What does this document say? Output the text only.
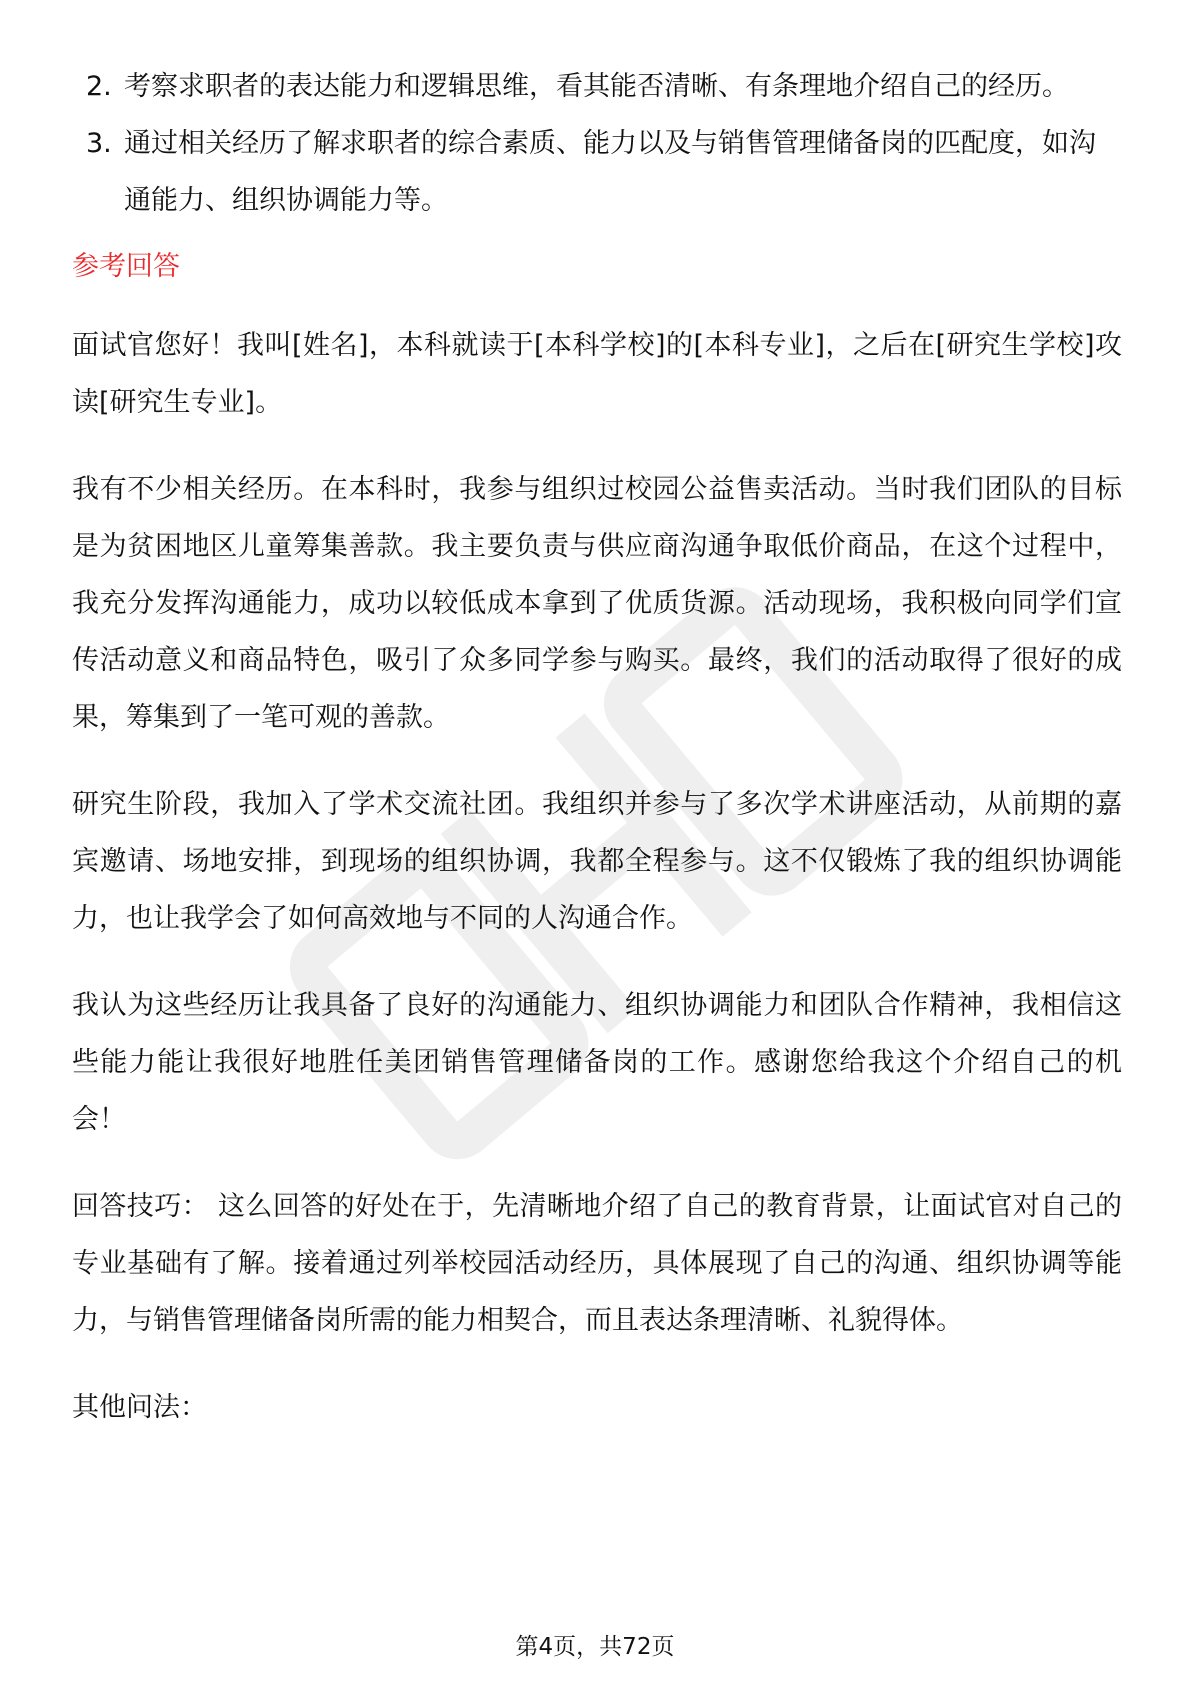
2. 考察求职者的表达能力和逻辑思维，看其能否清晰、有条理地介绍自己的经历。
3. 通过相关经历了解求职者的综合素质、能力以及与销售管理储备岗的匹配度，如沟通能力、组织协调能力等。
参考回答

面试官您好！我叫[姓名]，本科就读于[本科学校]的[本科专业]，之后在[研究生学校]攻读[研究生专业]。

我有不少相关经历。在本科时，我参与组织过校园公益售卖活动。当时我们团队的目标是为贫困地区儿童筹集善款。我主要负责与供应商沟通争取低价商品，在这个过程中，我充分发挥沟通能力，成功以较低成本拿到了优质货源。活动现场，我积极向同学们宣传活动意义和商品特色，吸引了众多同学参与购买。最终，我们的活动取得了很好的成果，筹集到了一笔可观的善款。

研究生阶段，我加入了学术交流社团。我组织并参与了多次学术讲座活动，从前期的嘉宾邀请、场地安排，到现场的组织协调，我都全程参与。这不仅锻炼了我的组织协调能力，也让我学会了如何高效地与不同的人沟通合作。

我认为这些经历让我具备了良好的沟通能力、组织协调能力和团队合作精神，我相信这些能力能让我很好地胜任美团销售管理储备岗的工作。感谢您给我这个介绍自己的机会！

回答技巧： 这么回答的好处在于，先清晰地介绍了自己的教育背景，让面试官对自己的专业基础有了解。接着通过列举校园活动经历，具体展现了自己的沟通、组织协调等能力，与销售管理储备岗所需的能力相契合，而且表达条理清晰、礼貌得体。

其他问法：

第4页，共72页
